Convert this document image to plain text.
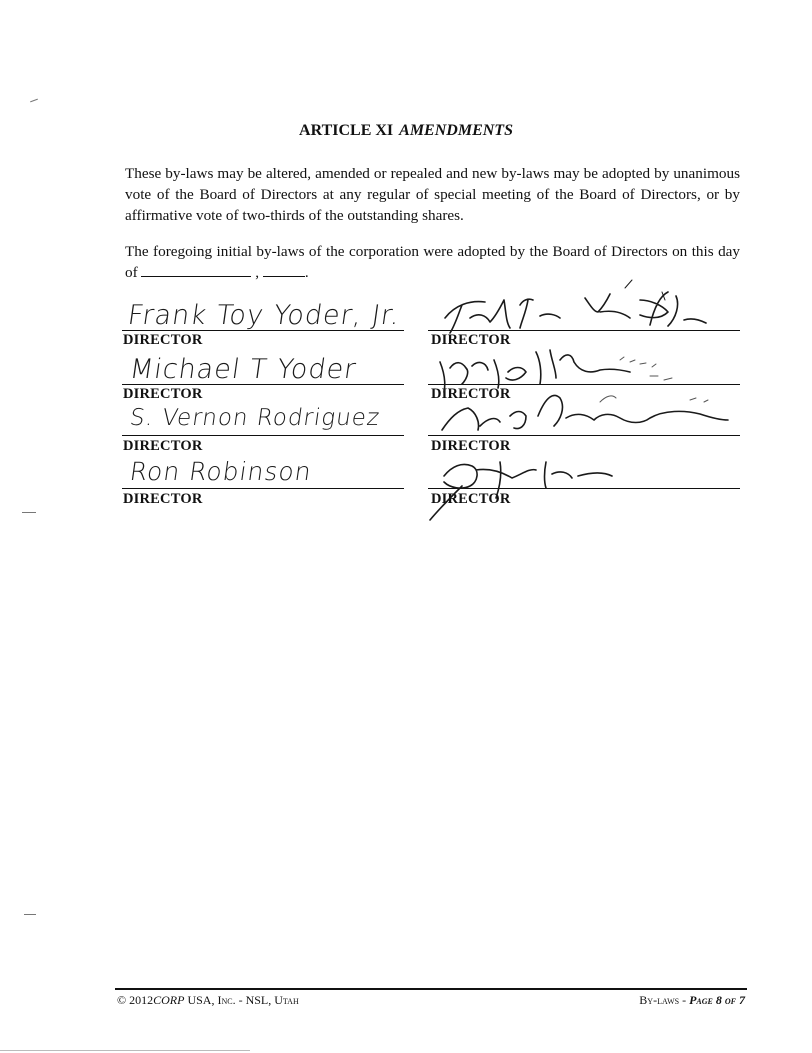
ARTICLE XI AMENDMENTS

These by-laws may be altered, amended or repealed and new by-laws may be adopted by unanimous vote of the Board of Directors at any regular of special meeting of the Board of Directors, or by affirmative vote of two-thirds of the outstanding shares.

The foregoing initial by-laws of the corporation were adopted by the Board of Directors on this day of	,	.

Frank Toy Yoder, Jr.
DIRECTOR
Michael T Yoder
DIRECTOR
S. Vernon Rodriguez
DIRECTOR
Ron Robinson
DIRECTOR
DIRECTOR
DIRECTOR
DIRECTOR
DIRECTOR
© 2012CORP USA, Inc. - NSL, Utah	By-laws - Page 8 of 7
